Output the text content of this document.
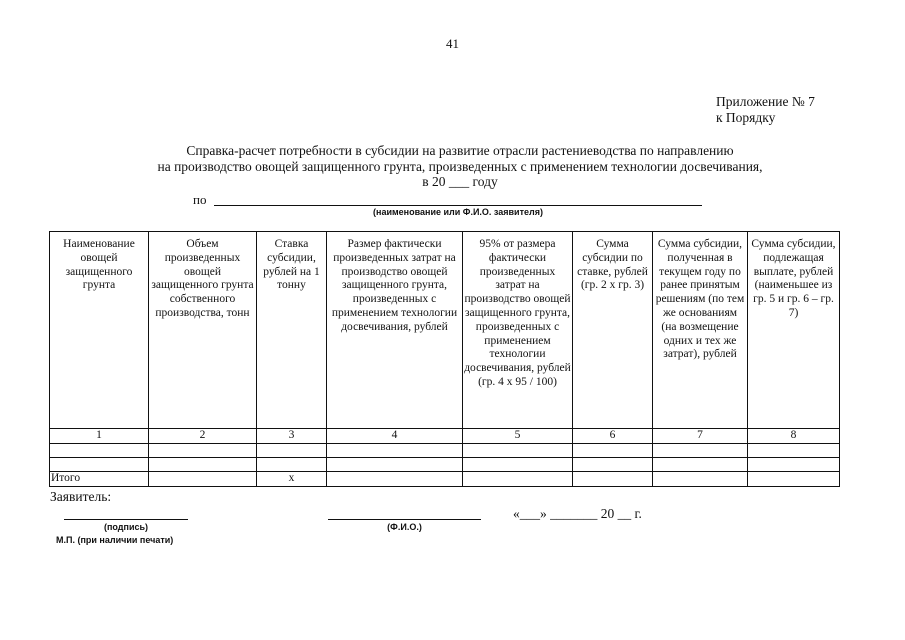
41
Приложение № 7
к Порядку
Справка-расчет потребности в субсидии на развитие отрасли растениеводства по направлению
на производство овощей защищенного грунта, произведенных с применением технологии досвечивания,
в 20 ___ году
по
(наименование или Ф.И.О. заявителя)
Наименование овощей защищенного грунта	Объем произведенных овощей защищенного грунта собственного производства, тонн	Ставка субсидии, рублей на 1 тонну	Размер фактически произведенных затрат на производство овощей защищенного грунта, произведенных с применением технологии досвечивания, рублей	95% от размера фактически произведенных затрат на производство овощей защищенного грунта, произведенных с применением технологии досвечивания, рублей (гр. 4 х 95 / 100)	Сумма субсидии по ставке, рублей (гр. 2 х гр. 3)	Сумма субсидии, полученная в текущем году по ранее принятым решениям (по тем же основаниям (на возмещение одних и тех же затрат), рублей	Сумма субсидии, подлежащая выплате, рублей (наименьшее из гр. 5 и гр. 6 – гр. 7)
1	2	3	4	5	6	7	8

Итого		х					
Заявитель:
(подпись)
М.П. (при наличии печати)
(Ф.И.О.)
«___» _______ 20 __ г.
